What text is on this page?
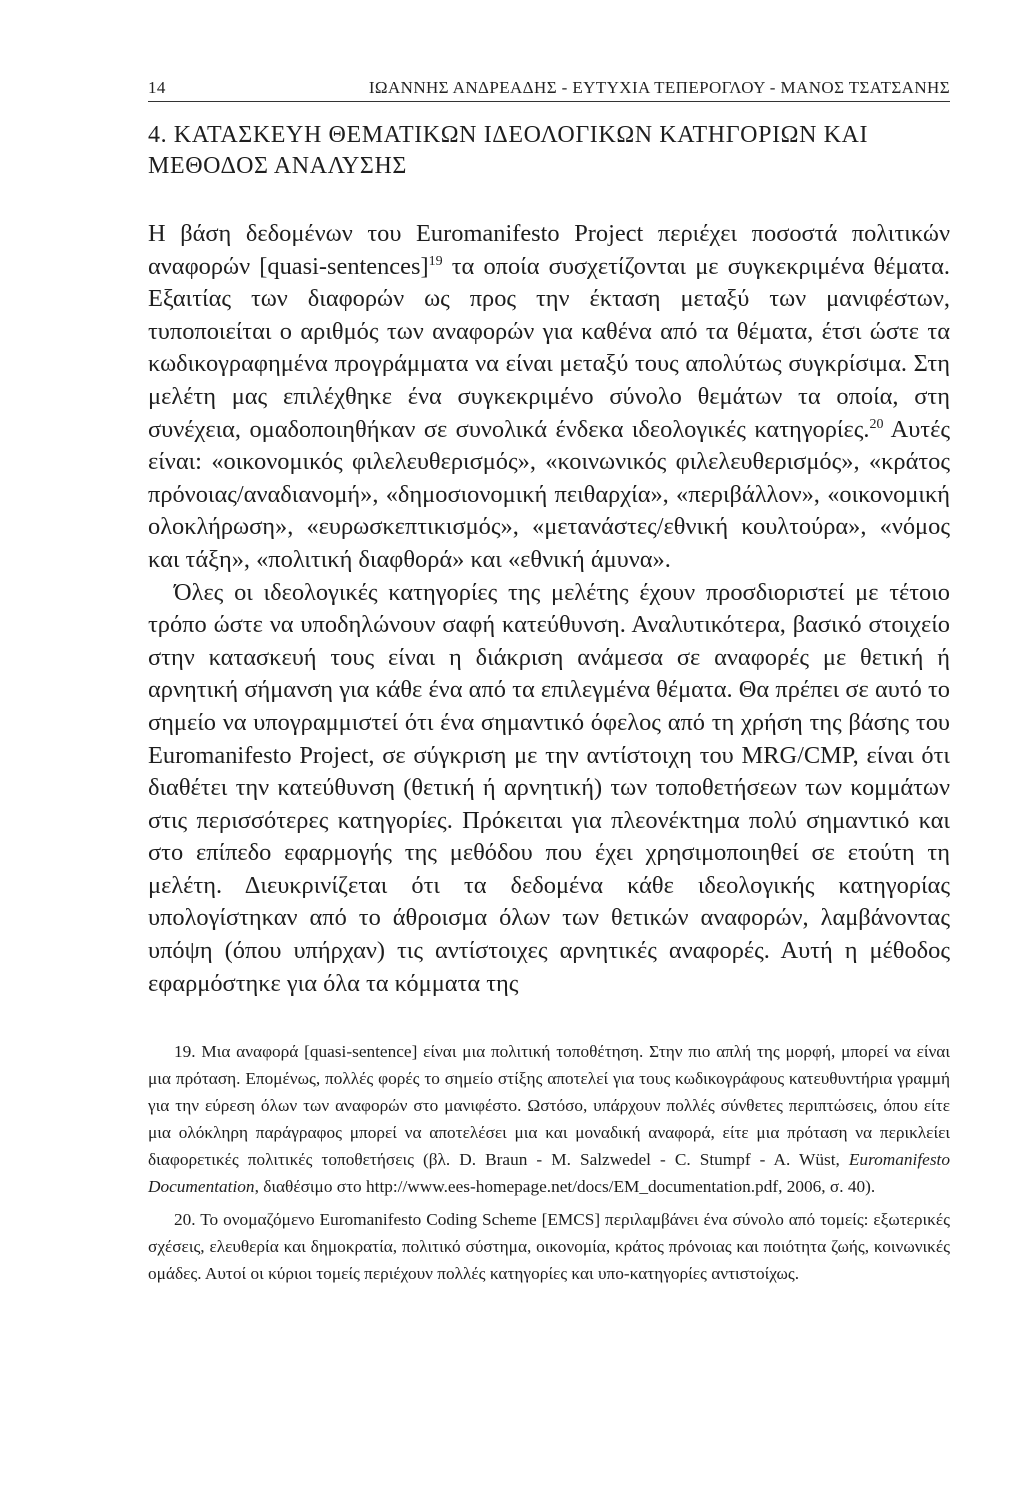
14	ΙΩΑΝΝΗΣ ΑΝΔΡΕΑΔΗΣ - ΕΥΤΥΧΙΑ ΤΕΠΕΡΟΓΛΟΥ - ΜΑΝΟΣ ΤΣΑΤΣΑΝΗΣ
4. ΚΑΤΑΣΚΕΥΗ ΘΕΜΑΤΙΚΩΝ ΙΔΕΟΛΟΓΙΚΩΝ ΚΑΤΗΓΟΡΙΩΝ ΚΑΙ ΜΕΘΟΔΟΣ ΑΝΑΛΥΣΗΣ

Η βάση δεδομένων του Euromanifesto Project περιέχει ποσοστά πολιτικών αναφορών [quasi-sentences]$^{19}$ τα οποία συσχετίζονται με συγκεκριμένα θέματα. Εξαιτίας των διαφορών ως προς την έκταση μεταξύ των μανιφέστων, τυποποιείται ο αριθμός των αναφορών για καθένα από τα θέματα, έτσι ώστε τα κωδικογραφημένα προγράμματα να είναι μεταξύ τους απολύτως συγκρίσιμα. Στη μελέτη μας επιλέχθηκε ένα συγκεκριμένο σύνολο θεμάτων τα οποία, στη συνέχεια, ομαδοποιηθήκαν σε συνολικά ένδεκα ιδεολογικές κατηγορίες.$^{20}$ Αυτές είναι: «οικονομικός φιλελευθερισμός», «κοινωνικός φιλελευθερισμός», «κράτος πρόνοιας/αναδιανομή», «δημοσιονομική πειθαρχία», «περιβάλλον», «οικονομική ολοκλήρωση», «ευρωσκεπτικισμός», «μετανάστες/εθνική κουλτούρα», «νόμος και τάξη», «πολιτική διαφθορά» και «εθνική άμυνα».

Όλες οι ιδεολογικές κατηγορίες της μελέτης έχουν προσδιοριστεί με τέτοιο τρόπο ώστε να υποδηλώνουν σαφή κατεύθυνση. Αναλυτικότερα, βασικό στοιχείο στην κατασκευή τους είναι η διάκριση ανάμεσα σε αναφορές με θετική ή αρνητική σήμανση για κάθε ένα από τα επιλεγμένα θέματα. Θα πρέπει σε αυτό το σημείο να υπογραμμιστεί ότι ένα σημαντικό όφελος από τη χρήση της βάσης του Euromanifesto Project, σε σύγκριση με την αντίστοιχη του MRG/CMP, είναι ότι διαθέτει την κατεύθυνση (θετική ή αρνητική) των τοποθετήσεων των κομμάτων στις περισσότερες κατηγορίες. Πρόκειται για πλεονέκτημα πολύ σημαντικό και στο επίπεδο εφαρμογής της μεθόδου που έχει χρησιμοποιηθεί σε ετούτη τη μελέτη. Διευκρινίζεται ότι τα δεδομένα κάθε ιδεολογικής κατηγορίας υπολογίστηκαν από το άθροισμα όλων των θετικών αναφορών, λαμβάνοντας υπόψη (όπου υπήρχαν) τις αντίστοιχες αρνητικές αναφορές. Αυτή η μέθοδος εφαρμόστηκε για όλα τα κόμματα της

19. Μια αναφορά [quasi-sentence] είναι μια πολιτική τοποθέτηση. Στην πιο απλή της μορφή, μπορεί να είναι μια πρόταση. Επομένως, πολλές φορές το σημείο στίξης αποτελεί για τους κωδικογράφους κατευθυντήρια γραμμή για την εύρεση όλων των αναφορών στο μανιφέστο. Ωστόσο, υπάρχουν πολλές σύνθετες περιπτώσεις, όπου είτε μια ολόκληρη παράγραφος μπορεί να αποτελέσει μια και μοναδική αναφορά, είτε μια πρόταση να περικλείει διαφορετικές πολιτικές τοποθετήσεις (βλ. D. Braun - M. Salzwedel - C. Stumpf - A. Wüst, Euromanifesto Documentation, διαθέσιμο στο http://www.ees-homepage.net/docs/EM_documentation.pdf, 2006, σ. 40).

20. Το ονομαζόμενο Euromanifesto Coding Scheme [EMCS] περιλαμβάνει ένα σύνολο από τομείς: εξωτερικές σχέσεις, ελευθερία και δημοκρατία, πολιτικό σύστημα, οικονομία, κράτος πρόνοιας και ποιότητα ζωής, κοινωνικές ομάδες. Αυτοί οι κύριοι τομείς περιέχουν πολλές κατηγορίες και υπο-κατηγορίες αντιστοίχως.
